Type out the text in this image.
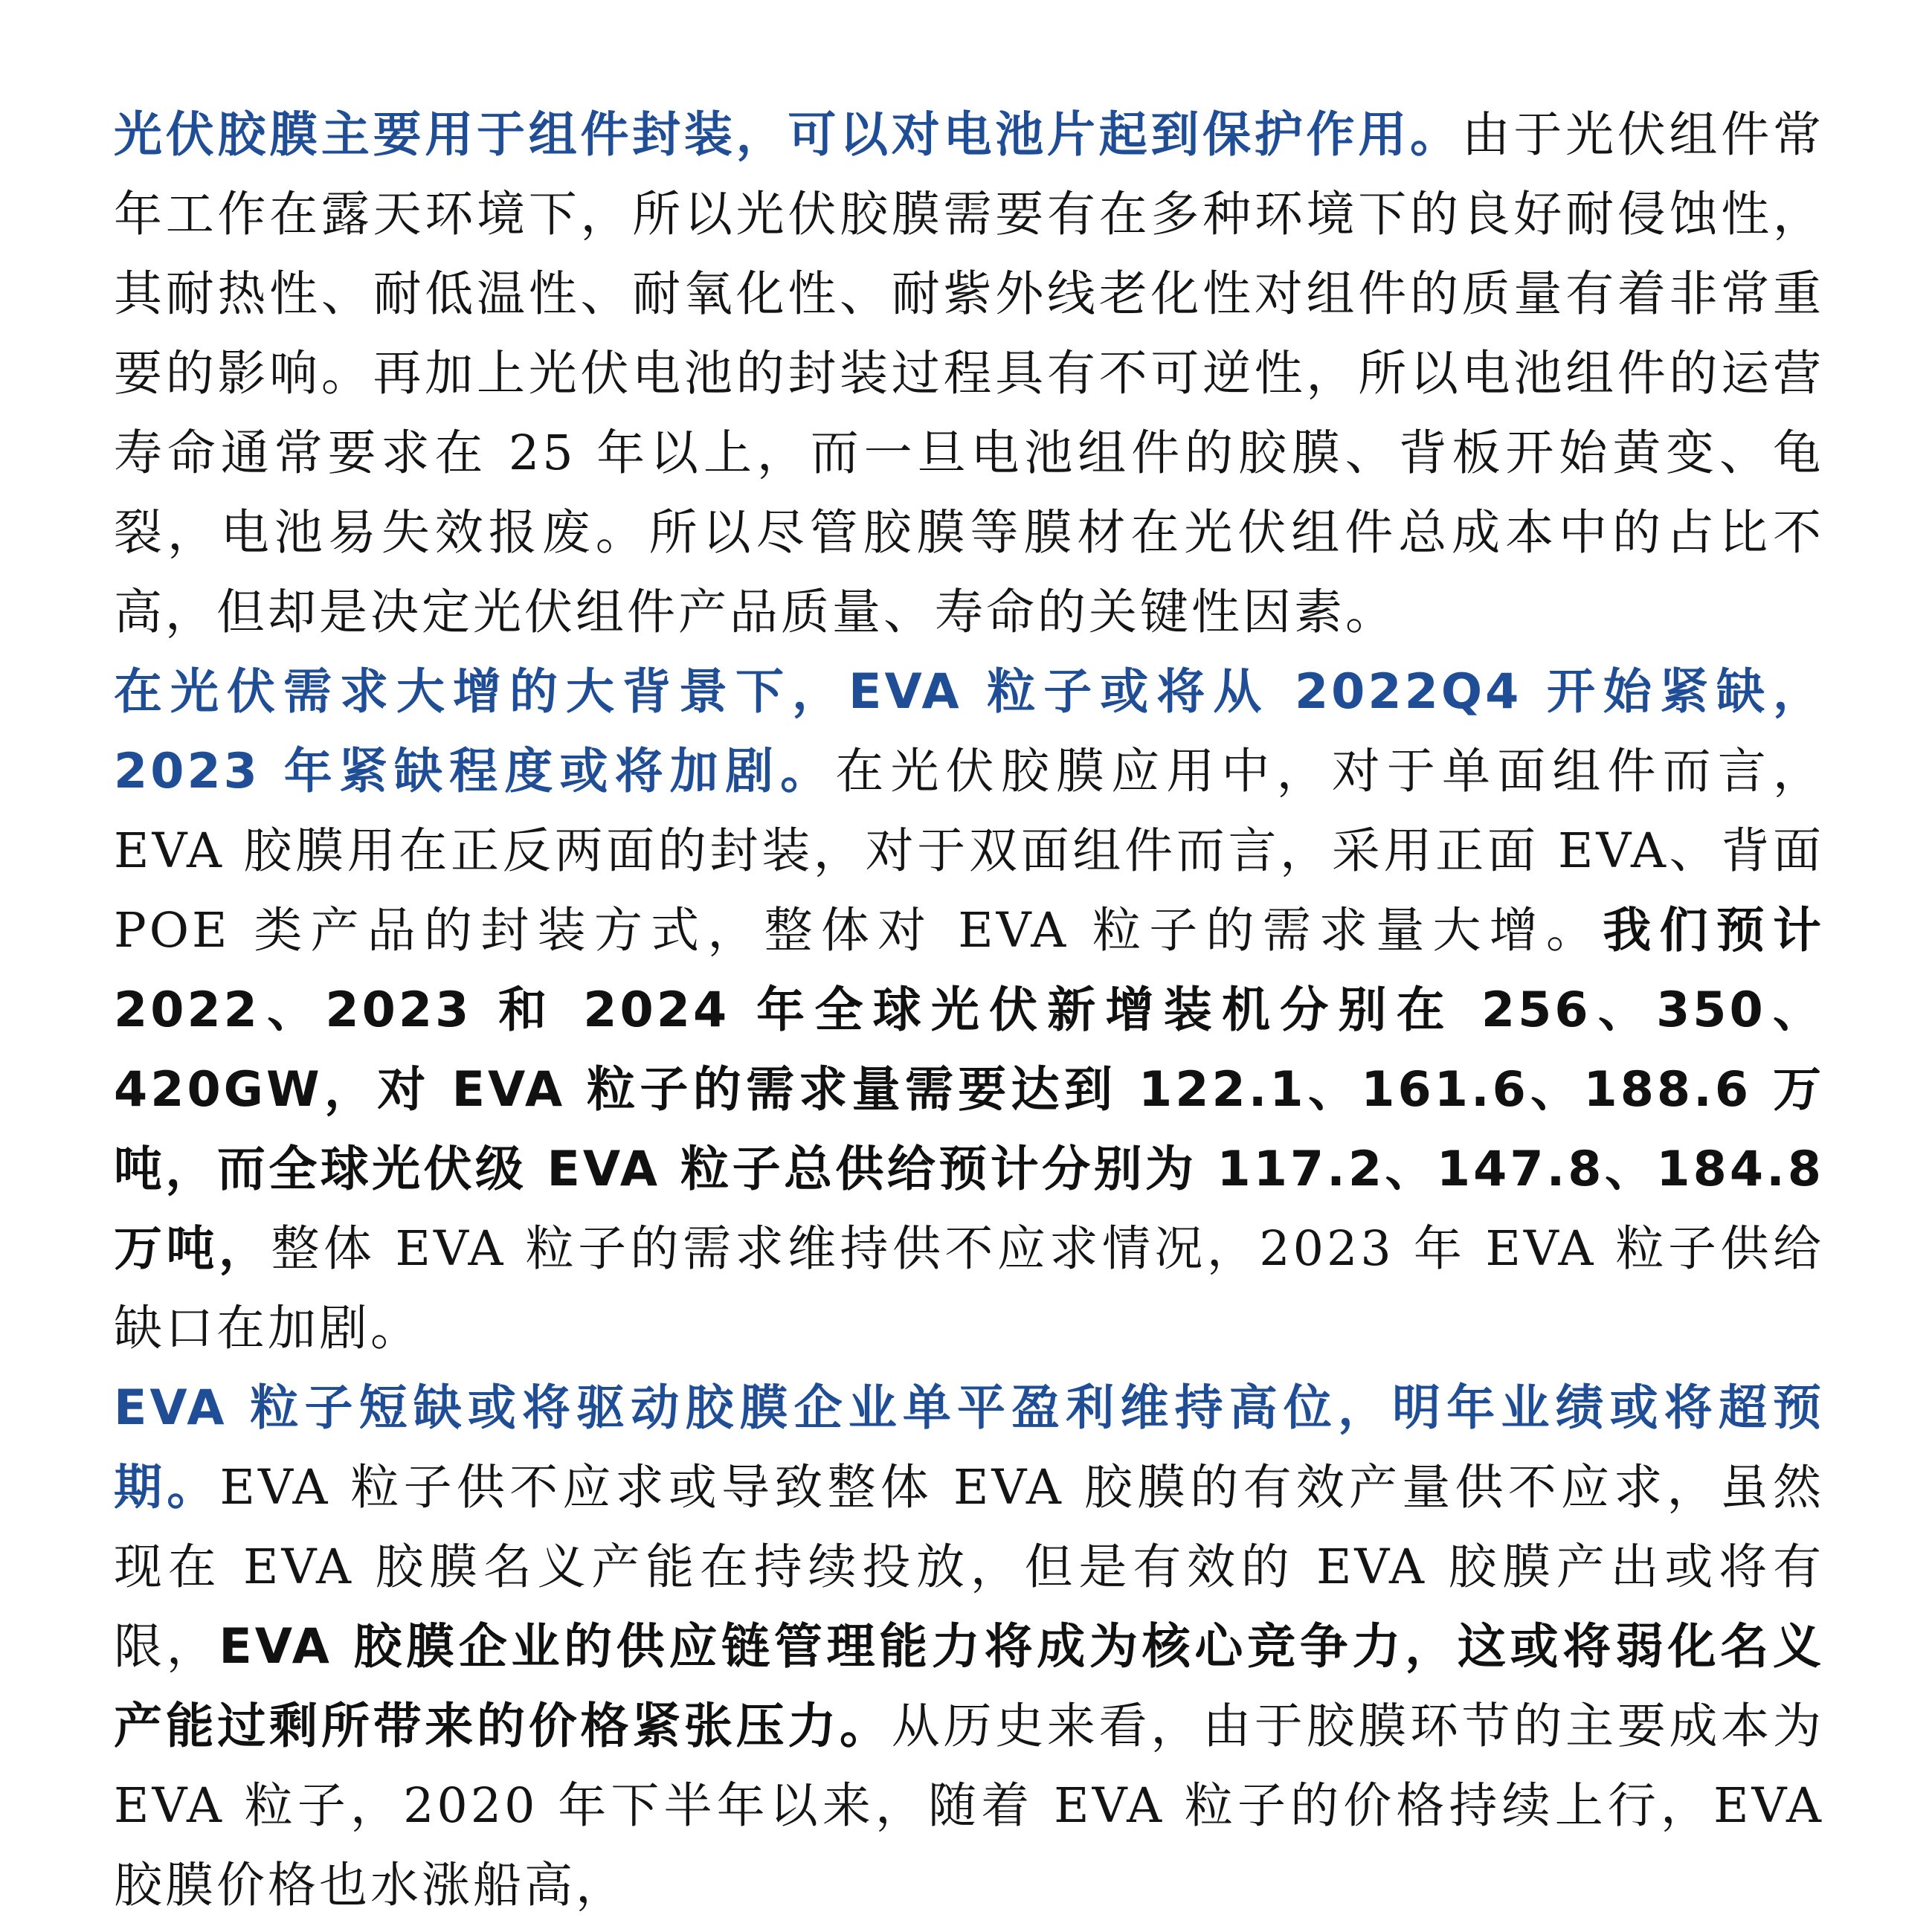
光伏胶膜主要用于组件封装，可以对电池片起到保护作用。由于光伏组件常年工作在露天环境下，所以光伏胶膜需要有在多种环境下的良好耐侵蚀性，其耐热性、耐低温性、耐氧化性、耐紫外线老化性对组件的质量有着非常重要的影响。再加上光伏电池的封装过程具有不可逆性，所以电池组件的运营寿命通常要求在 25 年以上，而一旦电池组件的胶膜、背板开始黄变、龟裂，电池易失效报废。所以尽管胶膜等膜材在光伏组件总成本中的占比不高，但却是决定光伏组件产品质量、寿命的关键性因素。

在光伏需求大增的大背景下，EVA 粒子或将从 2022Q4 开始紧缺，2023 年紧缺程度或将加剧。在光伏胶膜应用中，对于单面组件而言，EVA 胶膜用在正反两面的封装，对于双面组件而言，采用正面 EVA、背面 POE 类产品的封装方式，整体对 EVA 粒子的需求量大增。我们预计 2022、2023 和 2024 年全球光伏新增装机分别在 256、350、420GW，对 EVA 粒子的需求量需要达到 122.1、161.6、188.6 万吨，而全球光伏级 EVA 粒子总供给预计分别为 117.2、147.8、184.8 万吨，整体 EVA 粒子的需求维持供不应求情况，2023 年 EVA 粒子供给缺口在加剧。

EVA 粒子短缺或将驱动胶膜企业单平盈利维持高位，明年业绩或将超预期。EVA 粒子供不应求或导致整体 EVA 胶膜的有效产量供不应求，虽然现在 EVA 胶膜名义产能在持续投放，但是有效的 EVA 胶膜产出或将有限，EVA 胶膜企业的供应链管理能力将成为核心竞争力，这或将弱化名义产能过剩所带来的价格紧张压力。从历史来看，由于胶膜环节的主要成本为 EVA 粒子，2020 年下半年以来，随着 EVA 粒子的价格持续上行，EVA 胶膜价格也水涨船高，
